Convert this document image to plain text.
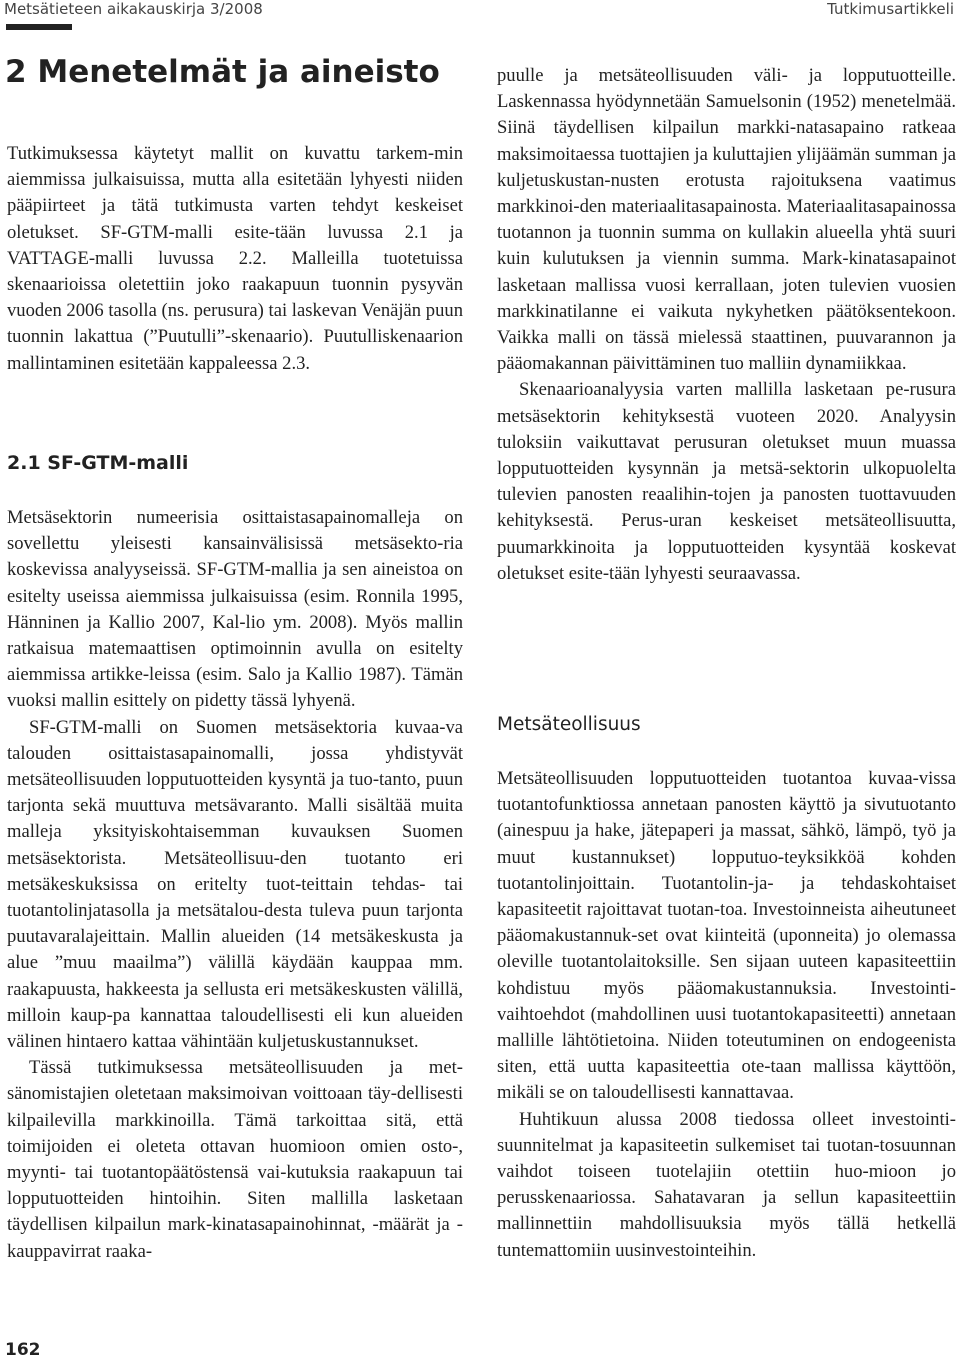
Metsätieteen aikakauskirja 3/2008	Tutkimusartikkeli
2 Menetelmät ja aineisto

Tutkimuksessa käytetyt mallit on kuvattu tarkem-min aiemmissa julkaisuissa, mutta alla esitetään lyhyesti niiden pääpiirteet ja tätä tutkimusta varten tehdyt keskeiset oletukset. SF-GTM-malli esite-tään luvussa 2.1 ja VATTAGE-malli luvussa 2.2. Malleilla tuotetuissa skenaarioissa oletettiin joko raakapuun tuonnin pysyvän vuoden 2006 tasolla (ns. perusura) tai laskevan Venäjän puun tuonnin lakattua (”Puutulli”-skenaario). Puutulliskenaarion mallintaminen esitetään kappaleessa 2.3.

2.1 SF-GTM-malli

Metsäsektorin numeerisia osittaistasapainomalleja on sovellettu yleisesti kansainvälisissä metsäsekto-ria koskevissa analyyseissä. SF-GTM-mallia ja sen aineistoa on esitelty useissa aiemmissa julkaisuissa (esim. Ronnila 1995, Hänninen ja Kallio 2007, Kal-lio ym. 2008). Myös mallin ratkaisua matemaattisen optimoinnin avulla on esitelty aiemmissa artikke-leissa (esim. Salo ja Kallio 1987). Tämän vuoksi mallin esittely on pidetty tässä lyhyenä.

SF-GTM-malli on Suomen metsäsektoria kuvaa-va talouden osittaistasapainomalli, jossa yhdistyvät metsäteollisuuden lopputuotteiden kysyntä ja tuo-tanto, puun tarjonta sekä muuttuva metsävaranto. Malli sisältää muita malleja yksityiskohtaisemman kuvauksen Suomen metsäsektorista. Metsäteollisuu-den tuotanto eri metsäkeskuksissa on eritelty tuot-teittain tehdas- tai tuotantolinjatasolla ja metsätalou-desta tuleva puun tarjonta puutavaralajeittain. Mallin alueiden (14 metsäkeskusta ja alue ”muu maailma”) välillä käydään kauppaa mm. raakapuusta, hakkeesta ja sellusta eri metsäkeskusten välillä, milloin kaup-pa kannattaa taloudellisesti eli kun alueiden välinen hintaero kattaa vähintään kuljetuskustannukset.

Tässä tutkimuksessa metsäteollisuuden ja met-sänomistajien oletetaan maksimoivan voittoaan täy-dellisesti kilpailevilla markkinoilla. Tämä tarkoittaa sitä, että toimijoiden ei oleteta ottavan huomioon omien osto-, myynti- tai tuotantopäätöstensä vai-kutuksia raakapuun tai lopputuotteiden hintoihin. Siten mallilla lasketaan täydellisen kilpailun mark-kinatasapainohinnat, -määrät ja -kauppavirrat raaka-

puulle ja metsäteollisuuden väli- ja lopputuotteille. Laskennassa hyödynnetään Samuelsonin (1952) menetelmää. Siinä täydellisen kilpailun markki-natasapaino ratkeaa maksimoitaessa tuottajien ja kuluttajien ylijäämän summan ja kuljetuskustan-nusten erotusta rajoituksena vaatimus markkinoi-den materiaalitasapainosta. Materiaalitasapainossa tuotannon ja tuonnin summa on kullakin alueella yhtä suuri kuin kulutuksen ja viennin summa. Mark-kinatasapainot lasketaan mallissa vuosi kerrallaan, joten tulevien vuosien markkinatilanne ei vaikuta nykyhetken päätöksentekoon. Vaikka malli on tässä mielessä staattinen, puuvarannon ja pääomakannan päivittäminen tuo malliin dynamiikkaa.

Skenaarioanalyysia varten mallilla lasketaan pe-rusura metsäsektorin kehityksestä vuoteen 2020. Analyysin tuloksiin vaikuttavat perusuran oletukset muun muassa lopputuotteiden kysynnän ja metsä-sektorin ulkopuolelta tulevien panosten reaalihin-tojen ja panosten tuottavuuden kehityksestä. Perus-uran keskeiset metsäteollisuutta, puumarkkinoita ja lopputuotteiden kysyntää koskevat oletukset esite-tään lyhyesti seuraavassa.

Metsäteollisuus

Metsäteollisuuden lopputuotteiden tuotantoa kuvaa-vissa tuotantofunktiossa annetaan panosten käyttö ja sivutuotanto (ainespuu ja hake, jätepaperi ja massat, sähkö, lämpö, työ ja muut kustannukset) lopputuo-teyksikköä kohden tuotantolinjoittain. Tuotantolin-ja- ja tehdaskohtaiset kapasiteetit rajoittavat tuotan-toa. Investoinneista aiheutuneet pääomakustannuk-set ovat kiinteitä (uponneita) jo olemassa oleville tuotantolaitoksille. Sen sijaan uuteen kapasiteettiin kohdistuu myös pääomakustannuksia. Investointi-vaihtoehdot (mahdollinen uusi tuotantokapasiteetti) annetaan mallille lähtötietoina. Niiden toteutuminen on endogeenista siten, että uutta kapasiteettia ote-taan mallissa käyttöön, mikäli se on taloudellisesti kannattavaa.

Huhtikuun alussa 2008 tiedossa olleet investointi-suunnitelmat ja kapasiteetin sulkemiset tai tuotan-tosuunnan vaihdot toiseen tuotelajiin otettiin huo-mioon jo perusskenaariossa. Sahatavaran ja sellun kapasiteettiin mallinnettiin mahdollisuuksia myös tällä hetkellä tuntemattomiin uusinvestointeihin.

162
